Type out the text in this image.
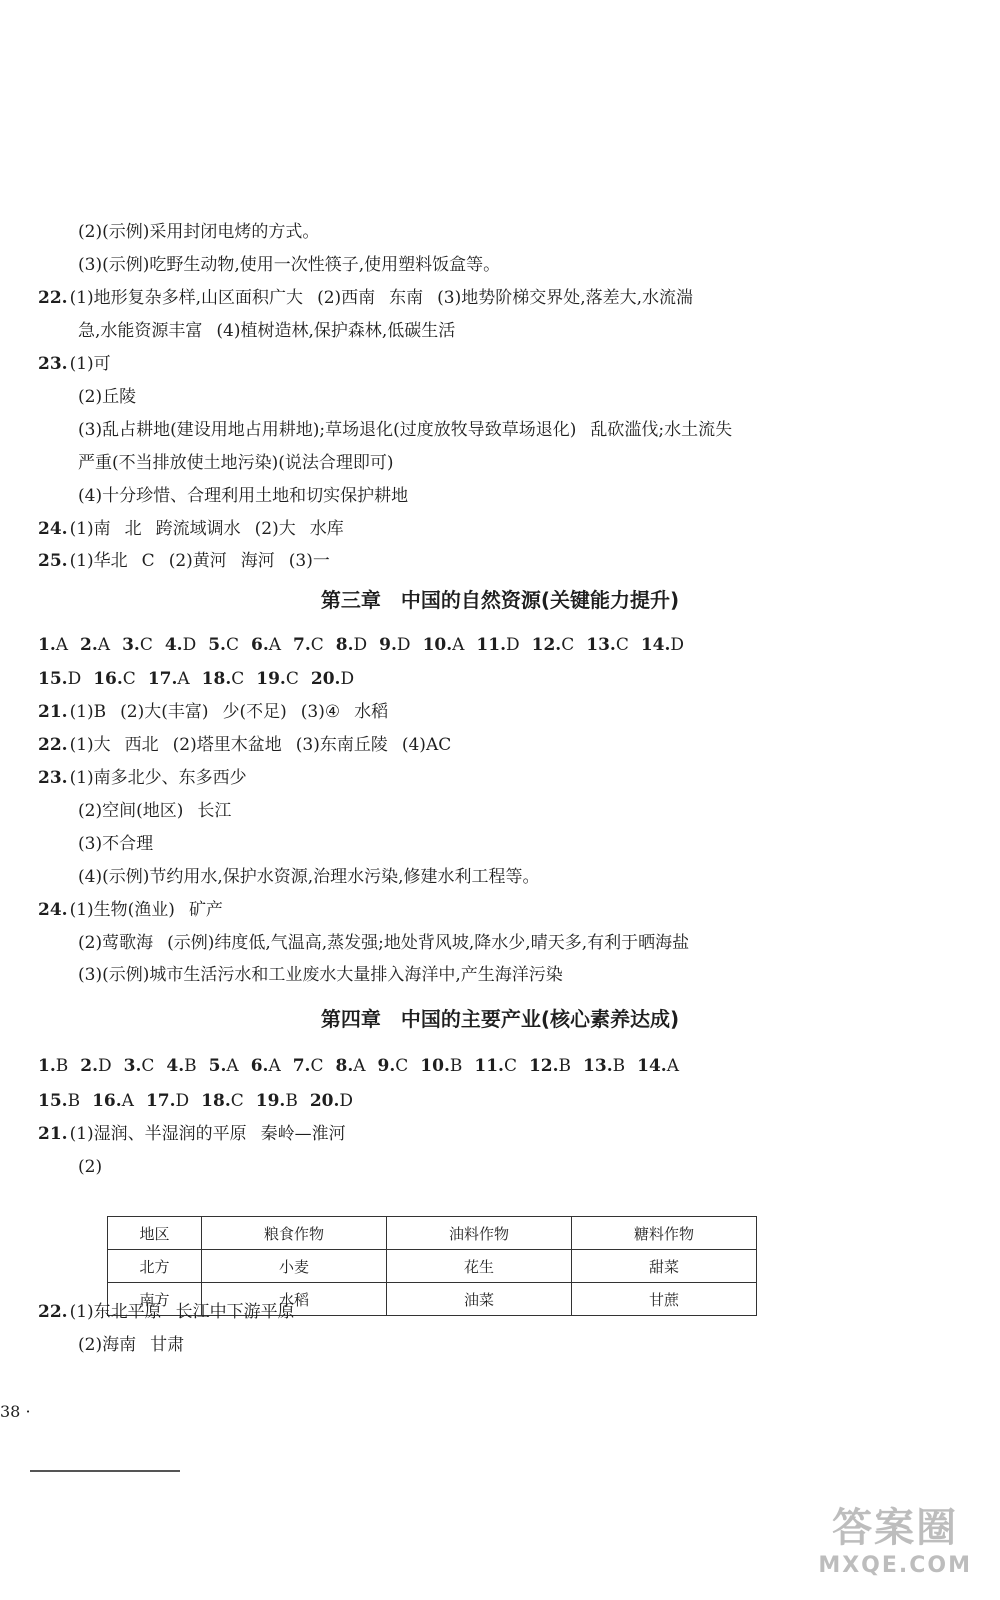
(2)(示例)采用封闭电烤的方式。
(3)(示例)吃野生动物,使用一次性筷子,使用塑料饭盒等。
22. (1)地形复杂多样,山区面积广大 (2)西南 东南 (3)地势阶梯交界处,落差大,水流湍
急,水能资源丰富 (4)植树造林,保护森林,低碳生活
23. (1)可
(2)丘陵
(3)乱占耕地(建设用地占用耕地);草场退化(过度放牧导致草场退化) 乱砍滥伐;水土流失
严重(不当排放使土地污染)(说法合理即可)
(4)十分珍惜、合理利用土地和切实保护耕地
24. (1)南 北 跨流域调水 (2)大 水库
25. (1)华北 C (2)黄河 海河 (3)一
第三章　中国的自然资源(关键能力提升)
1.A 2.A 3.C 4.D 5.C 6.A 7.C 8.D 9.D 10.A 11.D 12.C 13.C 14.D
15.D 16.C 17.A 18.C 19.C 20.D
21. (1)B (2)大(丰富) 少(不足) (3)④ 水稻
22. (1)大 西北 (2)塔里木盆地 (3)东南丘陵 (4)AC
23. (1)南多北少、东多西少
(2)空间(地区) 长江
(3)不合理
(4)(示例)节约用水,保护水资源,治理水污染,修建水利工程等。
24. (1)生物(渔业) 矿产
(2)莺歌海 (示例)纬度低,气温高,蒸发强;地处背风坡,降水少,晴天多,有利于晒海盐
(3)(示例)城市生活污水和工业废水大量排入海洋中,产生海洋污染
第四章　中国的主要产业(核心素养达成)
1.B 2.D 3.C 4.B 5.A 6.A 7.C 8.A 9.C 10.B 11.C 12.B 13.B 14.A
15.B 16.A 17.D 18.C 19.B 20.D
21. (1)湿润、半湿润的平原 秦岭—淮河
(2)
地区	粮食作物	油料作物	糖料作物
北方	小麦	花生	甜菜
南方	水稻	油菜	甘蔗
22. (1)东北平原 长江中下游平原
(2)海南 甘肃
38 ·
答案圈
MXQE.COM
